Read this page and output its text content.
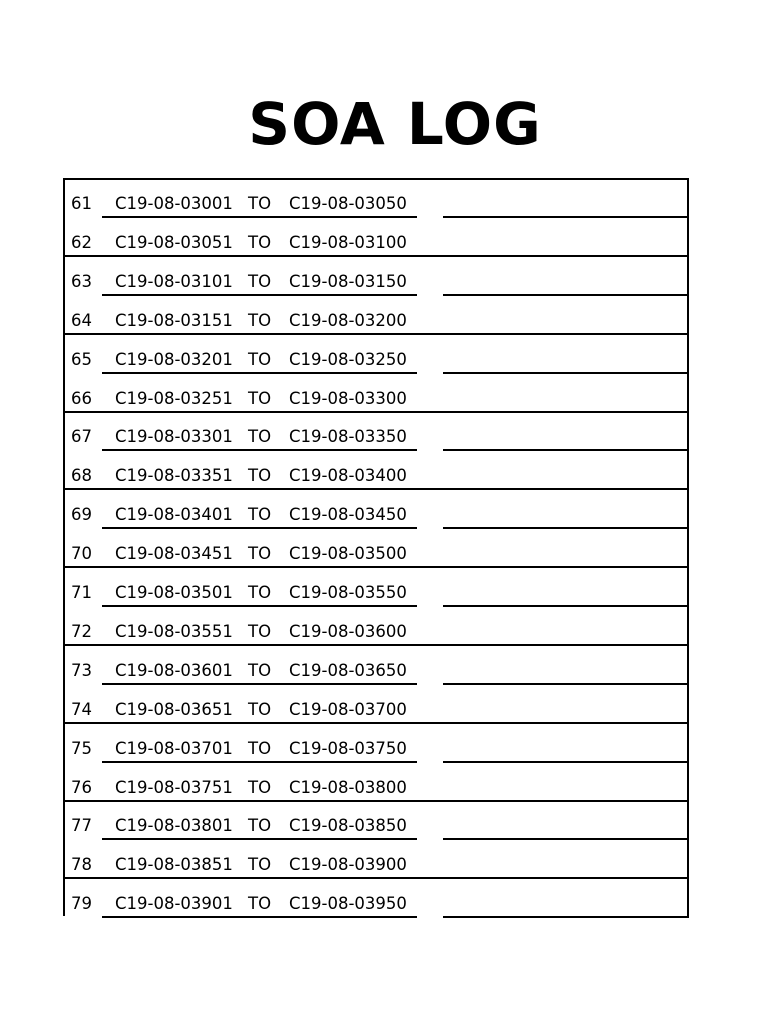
SOA LOG
61 C19-08-03001 TO C19-08-03050
62 C19-08-03051 TO C19-08-03100
63 C19-08-03101 TO C19-08-03150
64 C19-08-03151 TO C19-08-03200
65 C19-08-03201 TO C19-08-03250
66 C19-08-03251 TO C19-08-03300
67 C19-08-03301 TO C19-08-03350
68 C19-08-03351 TO C19-08-03400
69 C19-08-03401 TO C19-08-03450
70 C19-08-03451 TO C19-08-03500
71 C19-08-03501 TO C19-08-03550
72 C19-08-03551 TO C19-08-03600
73 C19-08-03601 TO C19-08-03650
74 C19-08-03651 TO C19-08-03700
75 C19-08-03701 TO C19-08-03750
76 C19-08-03751 TO C19-08-03800
77 C19-08-03801 TO C19-08-03850
78 C19-08-03851 TO C19-08-03900
79 C19-08-03901 TO C19-08-03950
